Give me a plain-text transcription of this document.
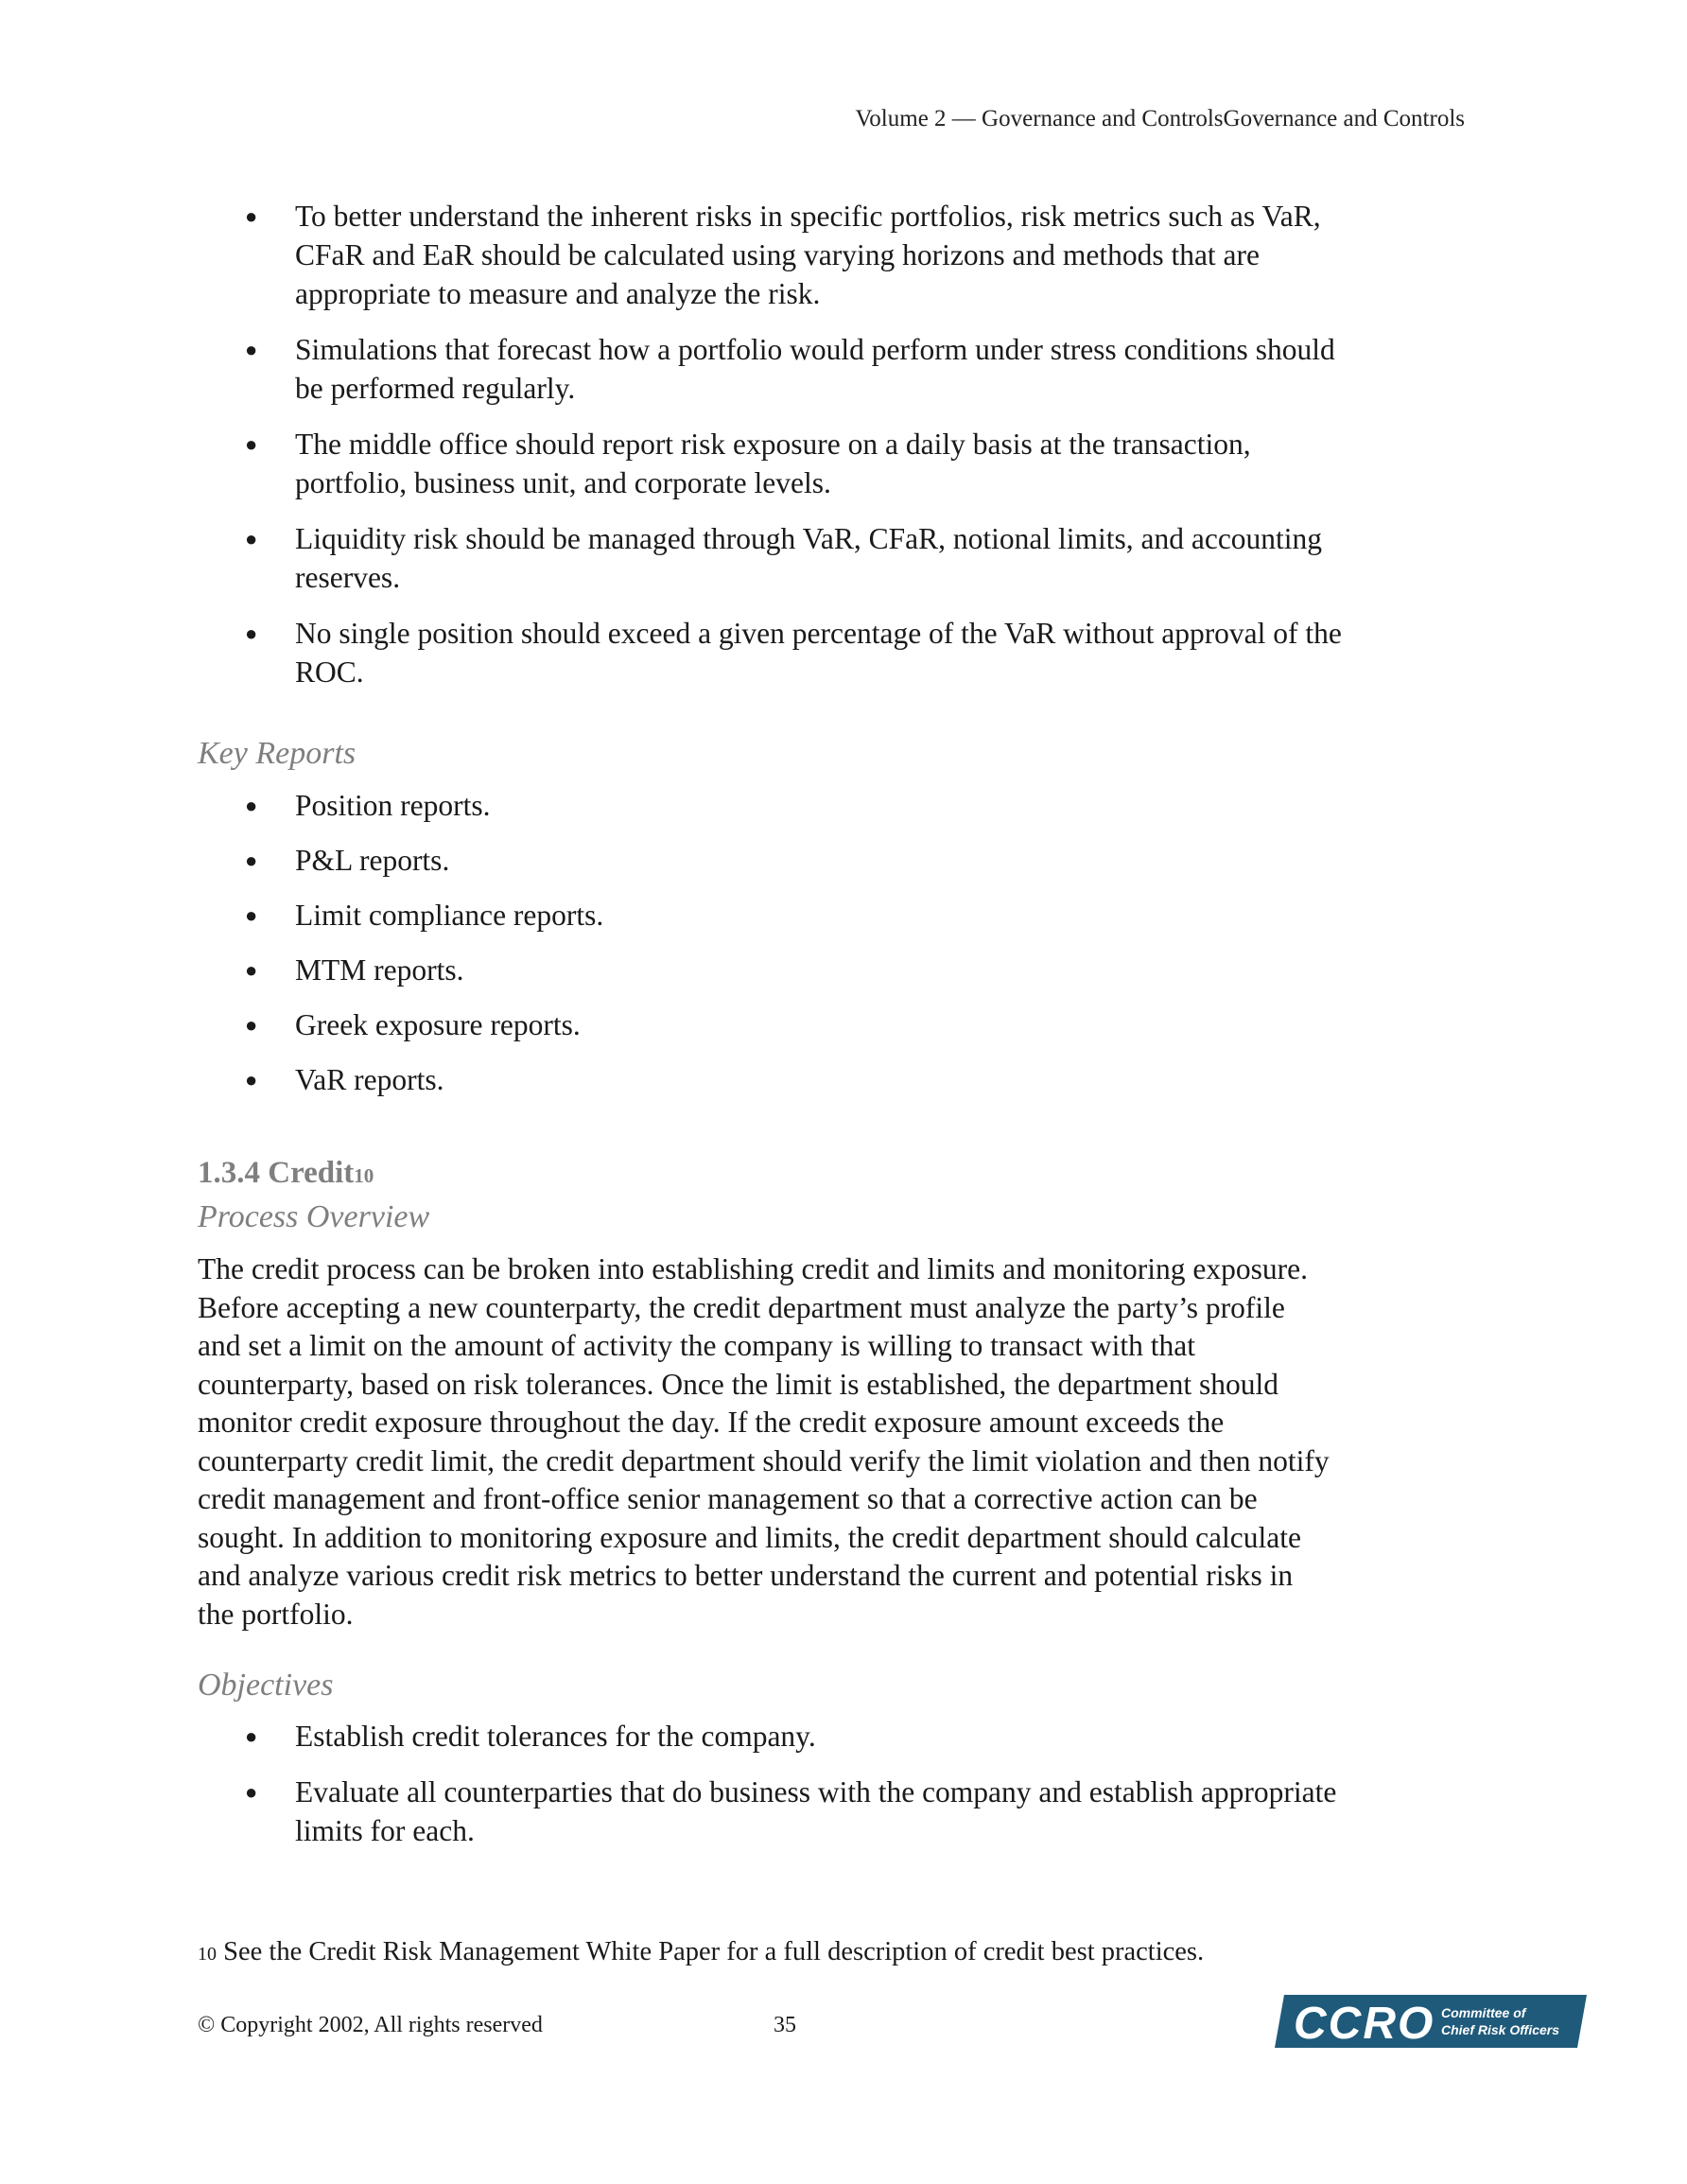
Volume 2 — Governance and ControlsGovernance and Controls
● To better understand the inherent risks in specific portfolios, risk metrics such as VaR,
CFaR and EaR should be calculated using varying horizons and methods that are
appropriate to measure and analyze the risk.
● Simulations that forecast how a portfolio would perform under stress conditions should
be performed regularly.
● The middle office should report risk exposure on a daily basis at the transaction,
portfolio, business unit, and corporate levels.
● Liquidity risk should be managed through VaR, CFaR, notional limits, and accounting
reserves.
● No single position should exceed a given percentage of the VaR without approval of the
ROC.
Key Reports
● Position reports.
● P&L reports.
● Limit compliance reports.
● MTM reports.
● Greek exposure reports.
● VaR reports.
1.3.4 Credit10
Process Overview
The credit process can be broken into establishing credit and limits and monitoring exposure.
Before accepting a new counterparty, the credit department must analyze the party’s profile
and set a limit on the amount of activity the company is willing to transact with that
counterparty, based on risk tolerances. Once the limit is established, the department should
monitor credit exposure throughout the day. If the credit exposure amount exceeds the
counterparty credit limit, the credit department should verify the limit violation and then notify
credit management and front-office senior management so that a corrective action can be
sought. In addition to monitoring exposure and limits, the credit department should calculate
and analyze various credit risk metrics to better understand the current and potential risks in
the portfolio.
Objectives
● Establish credit tolerances for the company.
● Evaluate all counterparties that do business with the company and establish appropriate
limits for each.
10 See the Credit Risk Management White Paper for a full description of credit best practices.
© Copyright 2002, All rights reserved	35	CCRO Committee of
Chief Risk Officers
